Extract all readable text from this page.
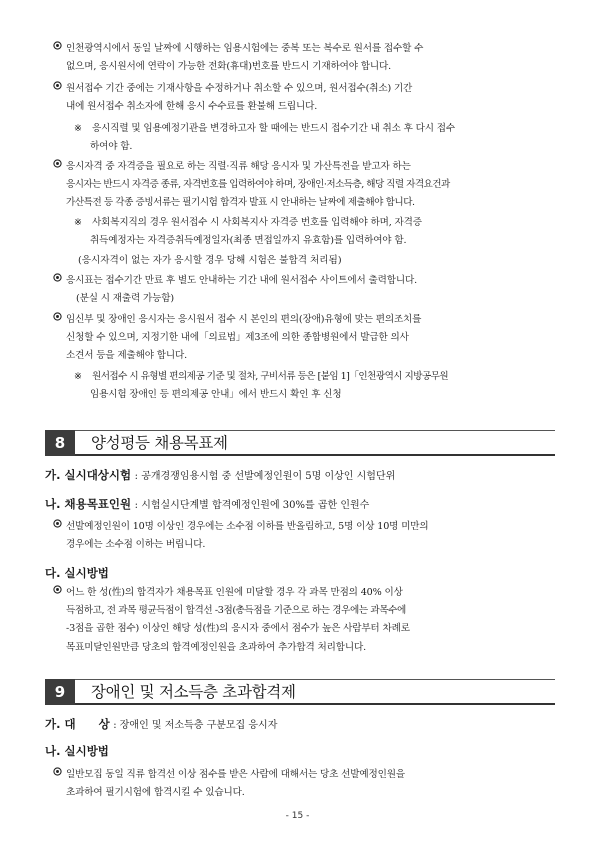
인천광역시에서 동일 날짜에 시행하는 임용시험에는 중복 또는 복수로 원서를 접수할 수
없으며, 응시원서에 연락이 가능한 전화(휴대)번호를 반드시 기재하여야 합니다.
원서접수 기간 중에는 기재사항을 수정하거나 취소할 수 있으며, 원서접수(취소) 기간
내에 원서접수 취소자에 한해 응시 수수료를 환불해 드립니다.
※	응시직렬 및 임용예정기관을 변경하고자 할 때에는 반드시 접수기간 내 취소 후 다시 접수
하여야 함.
응시자격 중 자격증을 필요로 하는 직렬·직류 해당 응시자 및 가산특전을 받고자 하는
응시자는 반드시 자격증 종류, 자격번호를 입력하여야 하며, 장애인·저소득층, 해당 직렬 자격요건과
가산특전 등 각종 증빙서류는 필기시험 합격자 발표 시 안내하는 날짜에 제출해야 합니다.
※	사회복지직의 경우 원서접수 시 사회복지사 자격증 번호를 입력해야 하며, 자격증
취득예정자는 자격증취득예정일자(최종 면접일까지 유효함)를 입력하여야 함.
(응시자격이 없는 자가 응시할 경우 당해 시험은 불합격 처리됨)
응시표는 접수기간 만료 후 별도 안내하는 기간 내에 원서접수 사이트에서 출력합니다.
(분실 시 재출력 가능함)
임신부 및 장애인 응시자는 응시원서 접수 시 본인의 편의(장애)유형에 맞는 편의조치를
신청할 수 있으며, 지정기한 내에「의료법」제3조에 의한 종합병원에서 발급한 의사
소견서 등을 제출해야 합니다.
※	원서접수 시 유형별 편의제공 기준 및 절차, 구비서류 등은 [붙임 1]「인천광역시 지방공무원
임용시험 장애인 등 편의제공 안내」에서 반드시 확인 후 신청
8	양성평등 채용목표제
가. 실시대상시험 : 공개경쟁임용시험 중 선발예정인원이 5명 이상인 시험단위
나. 채용목표인원 : 시험실시단계별 합격예정인원에 30%를 곱한 인원수
선발예정인원이 10명 이상인 경우에는 소수점 이하를 반올림하고, 5명 이상 10명 미만의
경우에는 소수점 이하는 버립니다.
다. 실시방법
어느 한 성(性)의 합격자가 채용목표 인원에 미달할 경우 각 과목 만점의 40% 이상
득점하고, 전 과목 평균득점이 합격선 -3점(총득점을 기준으로 하는 경우에는 과목수에
-3점을 곱한 점수) 이상인 해당 성(性)의 응시자 중에서 점수가 높은 사람부터 차례로
목표미달인원만큼 당초의 합격예정인원을 초과하여 추가합격 처리합니다.
9	장애인 및 저소득층 초과합격제
가. 대　　상 : 장애인 및 저소득층 구분모집 응시자
나. 실시방법
일반모집 동일 직류 합격선 이상 점수를 받은 사람에 대해서는 당초 선발예정인원을
초과하여 필기시험에 합격시킬 수 있습니다.
- 15 -
